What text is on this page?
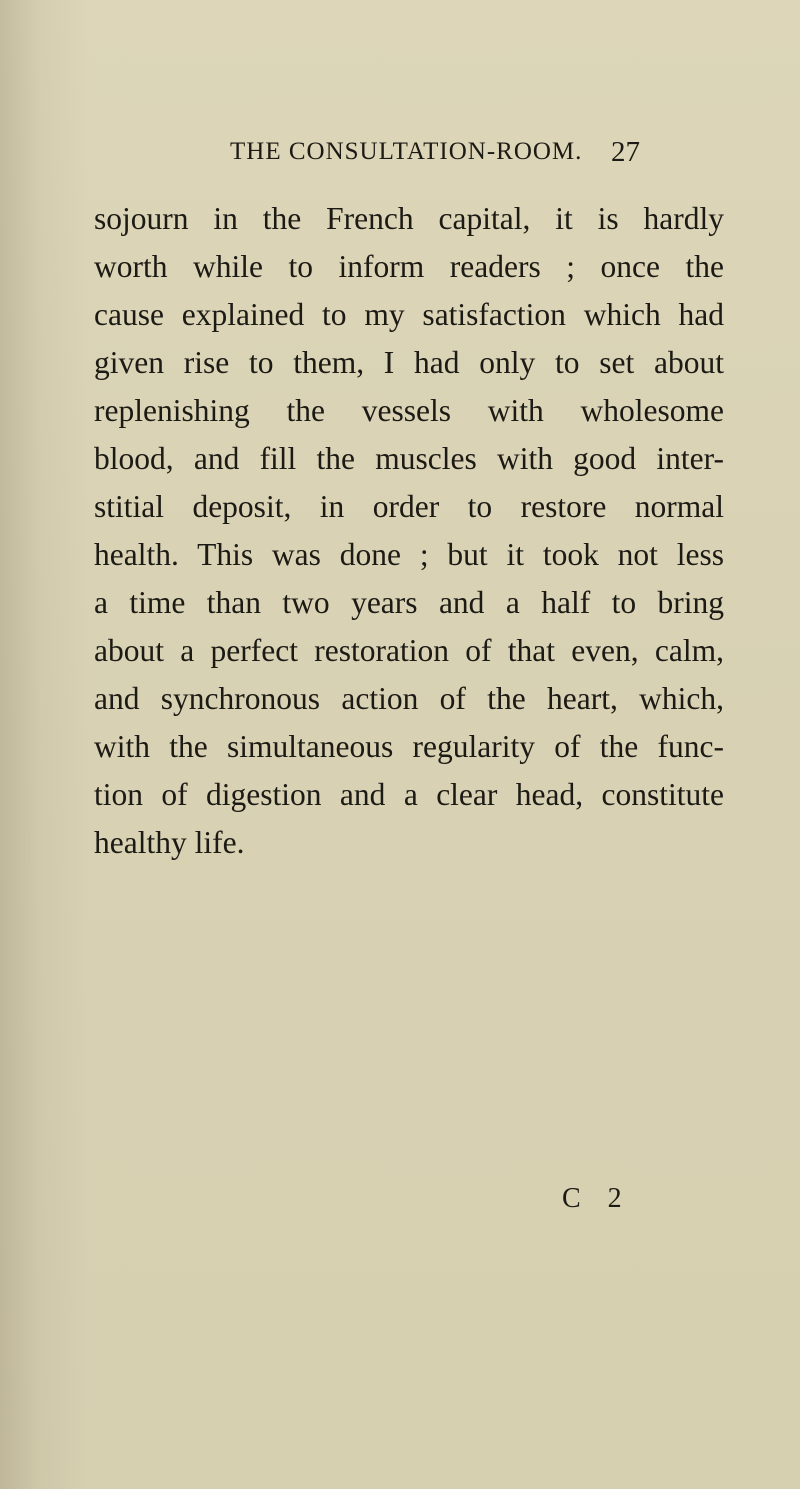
THE CONSULTATION-ROOM. 27
sojourn in the French capital, it is hardly
worth while to inform readers ; once the
cause explained to my satisfaction which had
given rise to them, I had only to set about
replenishing the vessels with wholesome
blood, and fill the muscles with good inter-
stitial deposit, in order to restore normal
health. This was done ; but it took not less
a time than two years and a half to bring
about a perfect restoration of that even, calm,
and synchronous action of the heart, which,
with the simultaneous regularity of the func-
tion of digestion and a clear head, constitute
healthy life.
C 2
